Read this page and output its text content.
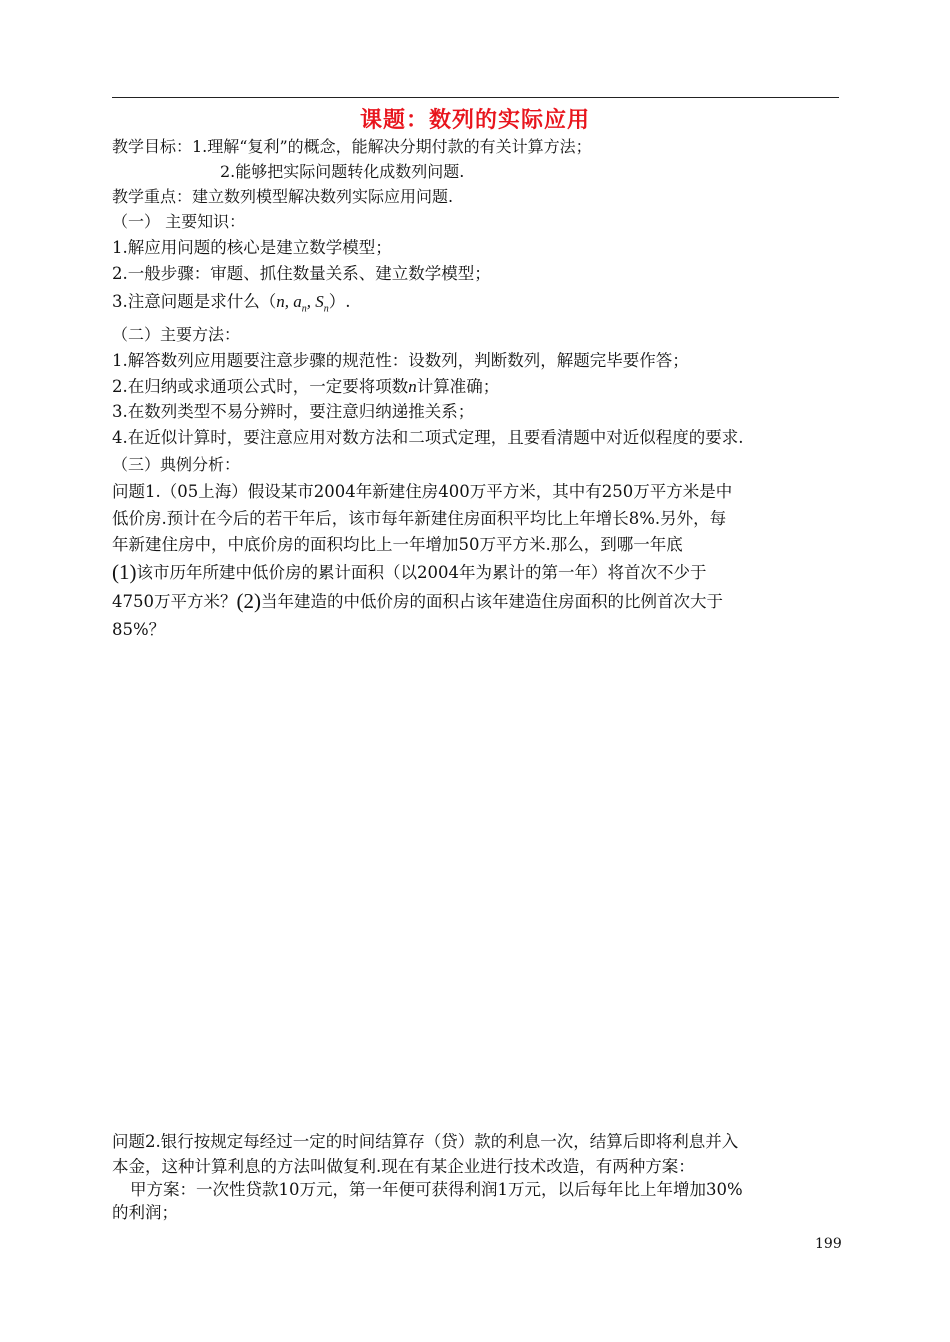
课题：数列的实际应用
教学目标：1.理解“复利”的概念，能解决分期付款的有关计算方法；
2.能够把实际问题转化成数列问题.
教学重点：建立数列模型解决数列实际应用问题.
（一） 主要知识：
1.解应用问题的核心是建立数学模型；
2.一般步骤：审题、抓住数量关系、建立数学模型；
3.注意问题是求什么（n, $a_n$, $S_n$）.
（二）主要方法：
1.解答数列应用题要注意步骤的规范性：设数列，判断数列，解题完毕要作答；
2.在归纳或求通项公式时，一定要将项数n计算准确；
3.在数列类型不易分辨时，要注意归纳递推关系；
4.在近似计算时，要注意应用对数方法和二项式定理，且要看清题中对近似程度的要求.
（三）典例分析：
问题1.（05上海）假设某市2004年新建住房400万平方米，其中有250万平方米是中
低价房.预计在今后的若干年后，该市每年新建住房面积平均比上年增长8%.另外，每
年新建住房中，中底价房的面积均比上一年增加50万平方米.那么，到哪一年底
(1)该市历年所建中低价房的累计面积（以2004年为累计的第一年）将首次不少于
4750万平方米？(2)当年建造的中低价房的面积占该年建造住房面积的比例首次大于
85%？
问题2.银行按规定每经过一定的时间结算存（贷）款的利息一次，结算后即将利息并入
本金，这种计算利息的方法叫做复利.现在有某企业进行技术改造，有两种方案：
甲方案：一次性贷款10万元，第一年便可获得利润1万元，以后每年比上年增加30%
的利润；
199
